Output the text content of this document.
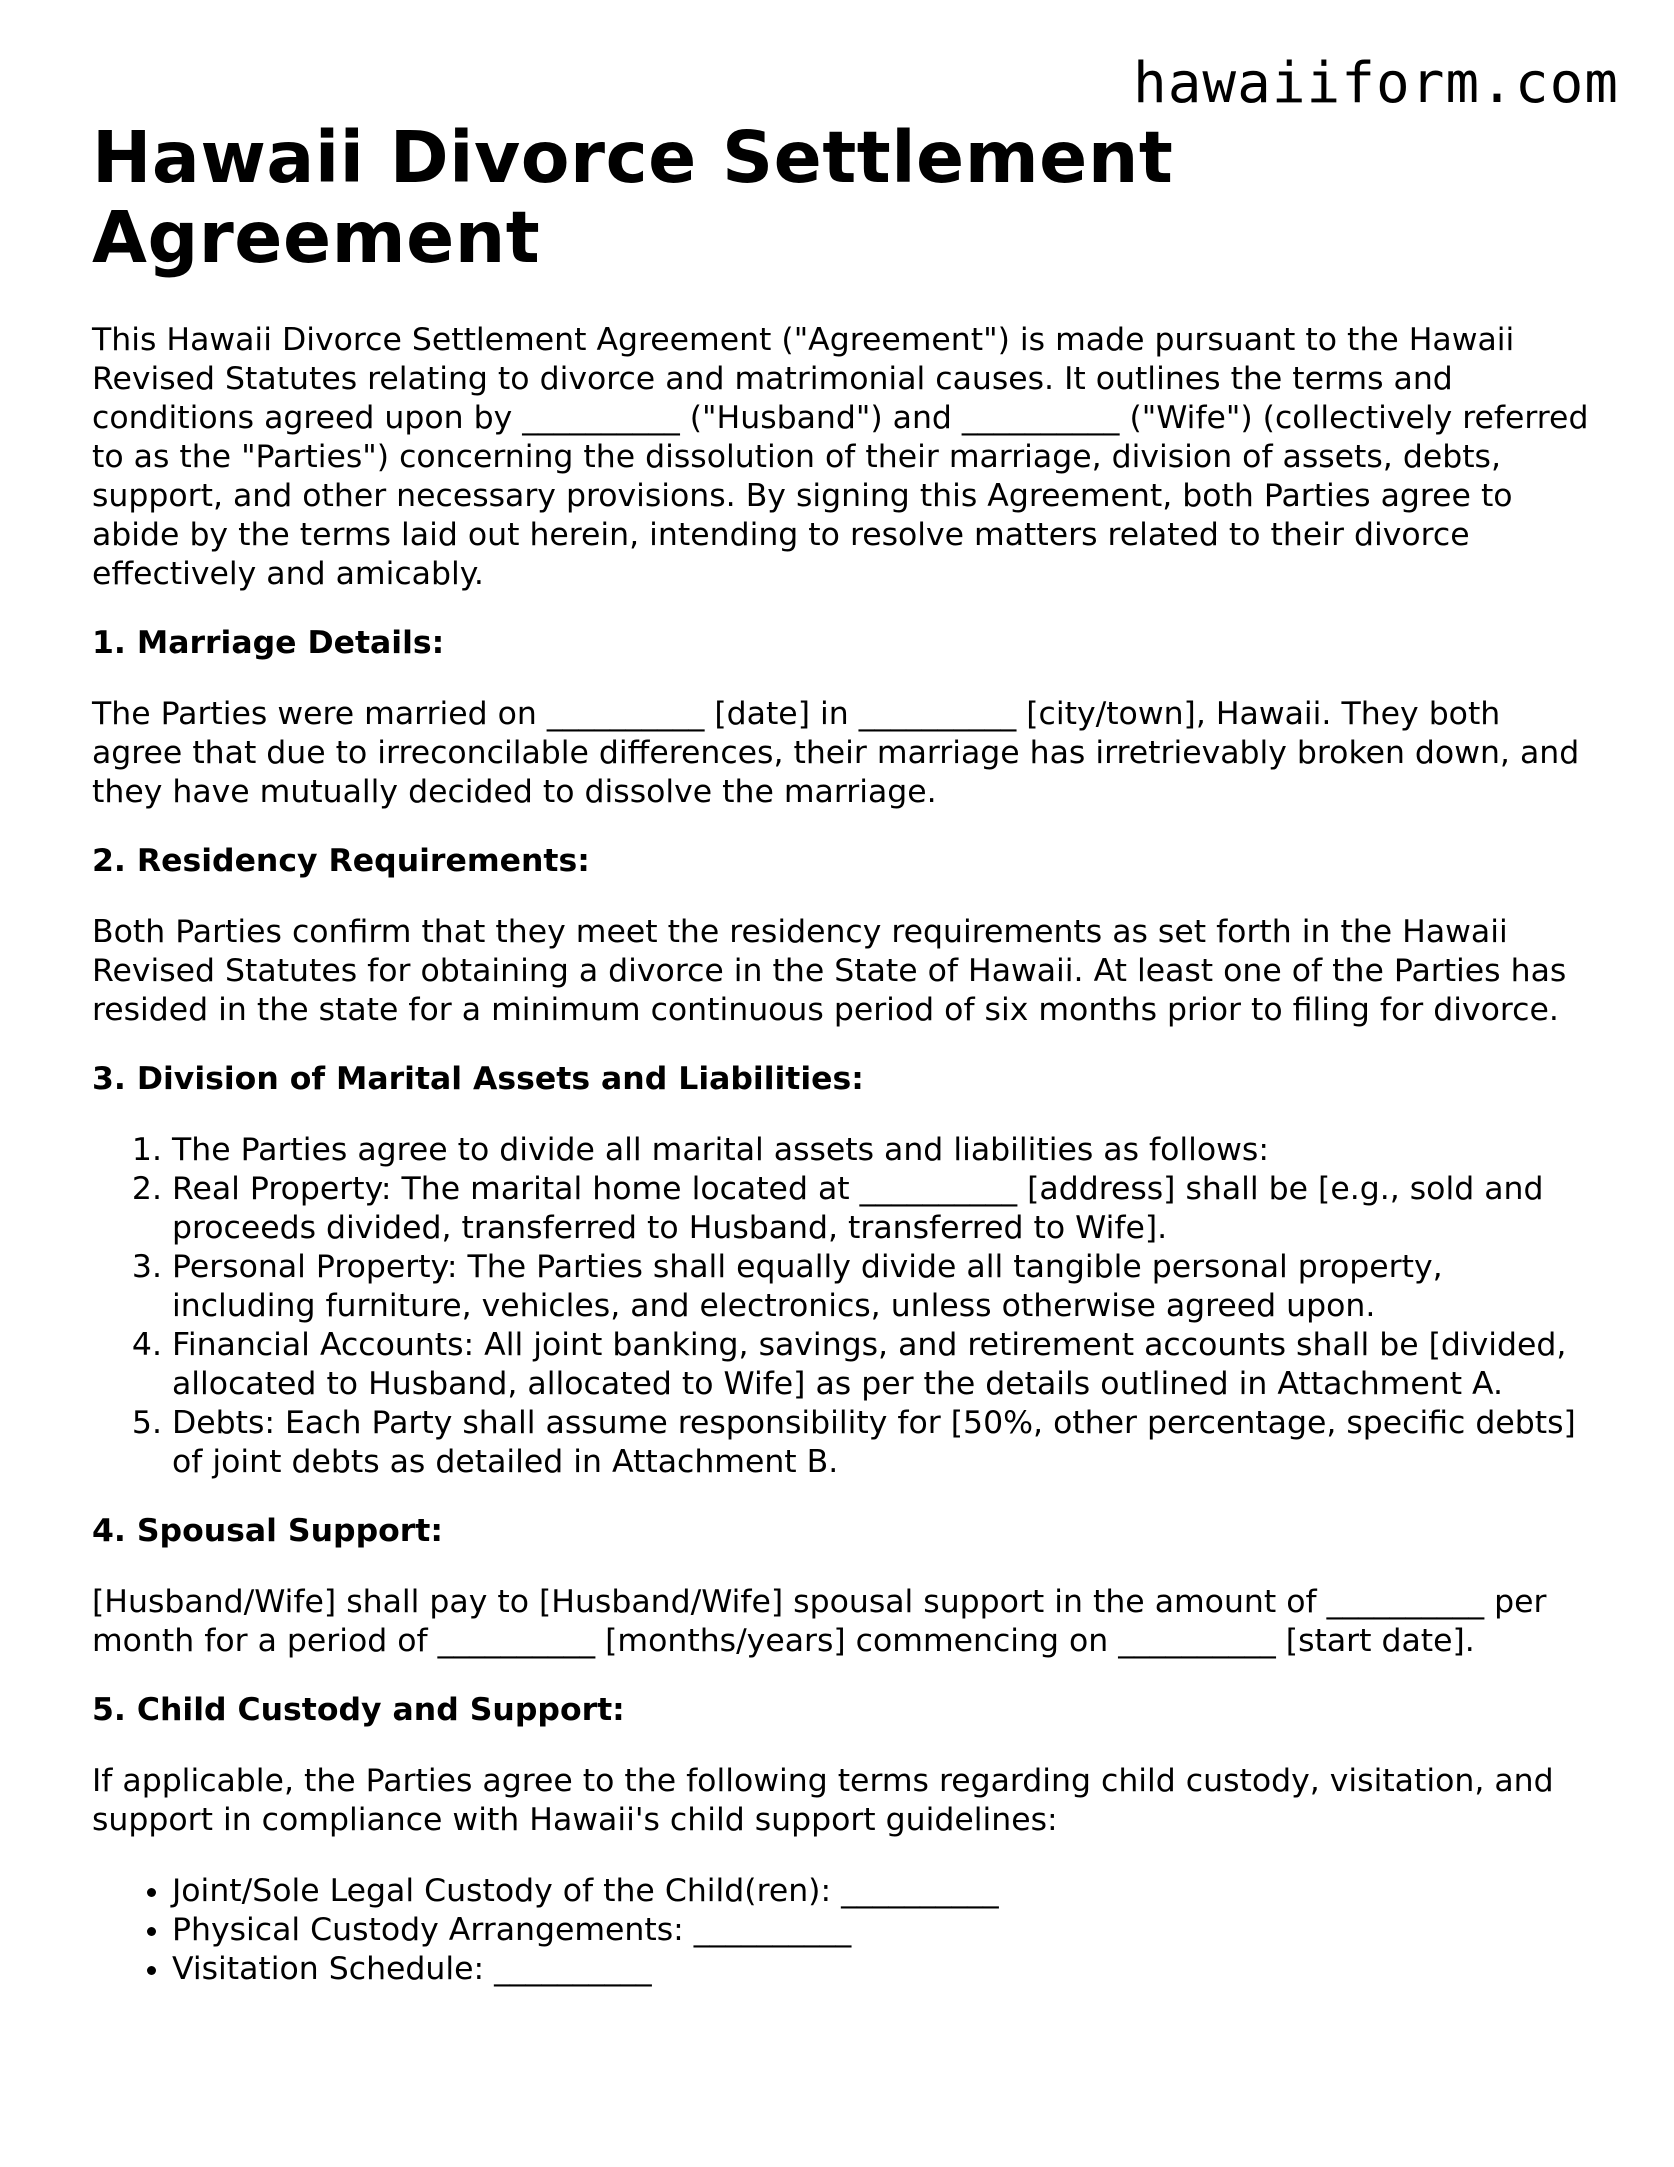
hawaiiform.com
Hawaii Divorce Settlement Agreement

This Hawaii Divorce Settlement Agreement ("Agreement") is made pursuant to the Hawaii Revised Statutes relating to divorce and matrimonial causes. It outlines the terms and conditions agreed upon by __________ ("Husband") and __________ ("Wife") (collectively referred to as the "Parties") concerning the dissolution of their marriage, division of assets, debts, support, and other necessary provisions. By signing this Agreement, both Parties agree to abide by the terms laid out herein, intending to resolve matters related to their divorce effectively and amicably.

1. Marriage Details:

The Parties were married on __________ [date] in __________ [city/town], Hawaii. They both agree that due to irreconcilable differences, their marriage has irretrievably broken down, and they have mutually decided to dissolve the marriage.

2. Residency Requirements:

Both Parties confirm that they meet the residency requirements as set forth in the Hawaii Revised Statutes for obtaining a divorce in the State of Hawaii. At least one of the Parties has resided in the state for a minimum continuous period of six months prior to filing for divorce.

3. Division of Marital Assets and Liabilities:
1. The Parties agree to divide all marital assets and liabilities as follows:
2. Real Property: The marital home located at __________ [address] shall be [e.g., sold and proceeds divided, transferred to Husband, transferred to Wife].
3. Personal Property: The Parties shall equally divide all tangible personal property, including furniture, vehicles, and electronics, unless otherwise agreed upon.
4. Financial Accounts: All joint banking, savings, and retirement accounts shall be [divided, allocated to Husband, allocated to Wife] as per the details outlined in Attachment A.
5. Debts: Each Party shall assume responsibility for [50%, other percentage, specific debts] of joint debts as detailed in Attachment B.
4. Spousal Support:

[Husband/Wife] shall pay to [Husband/Wife] spousal support in the amount of __________ per month for a period of __________ [months/years] commencing on __________ [start date].

5. Child Custody and Support:

If applicable, the Parties agree to the following terms regarding child custody, visitation, and support in compliance with Hawaii's child support guidelines:

• Joint/Sole Legal Custody of the Child(ren): __________
• Physical Custody Arrangements: __________
• Visitation Schedule: __________
